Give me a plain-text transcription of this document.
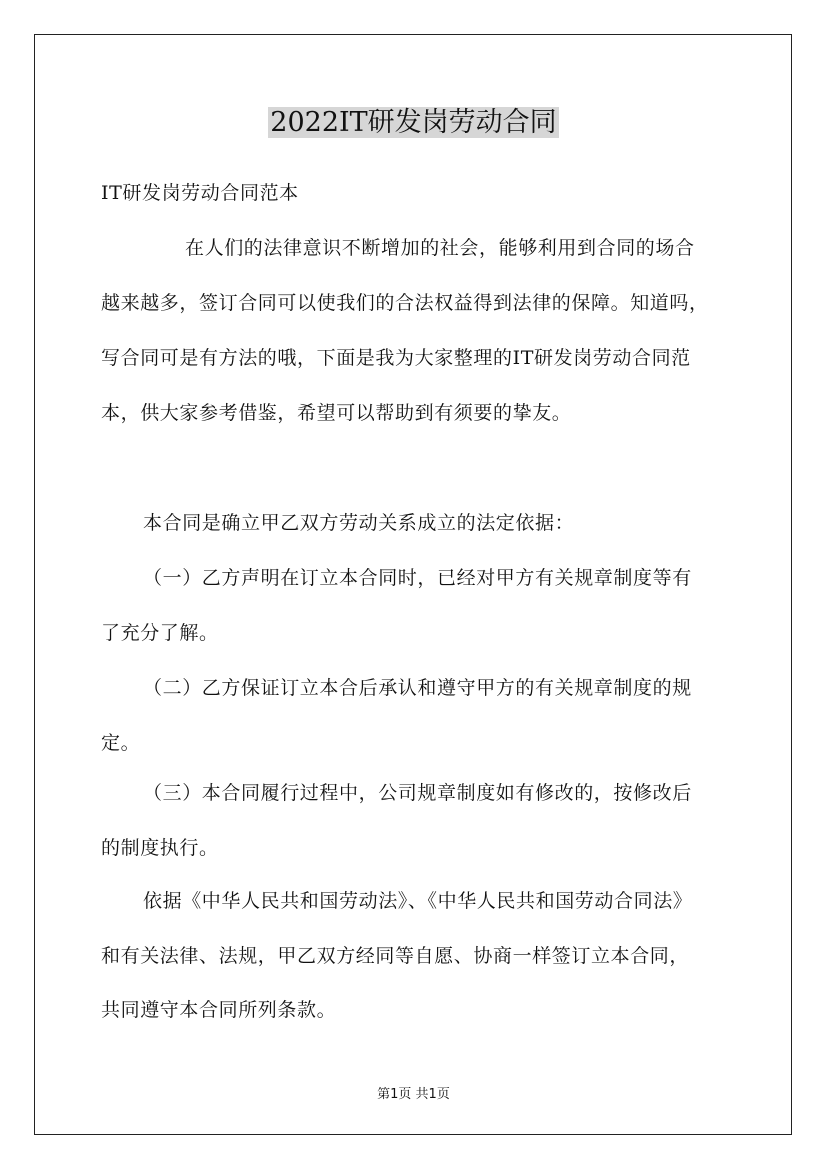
2022IT研发岗劳动合同

IT研发岗劳动合同范本

在人们的法律意识不断增加的社会，能够利用到合同的场合

越来越多，签订合同可以使我们的合法权益得到法律的保障。知道吗，

写合同可是有方法的哦，下面是我为大家整理的IT研发岗劳动合同范

本，供大家参考借鉴，希望可以帮助到有须要的挚友。

本合同是确立甲乙双方劳动关系成立的法定依据：

（一）乙方声明在订立本合同时，已经对甲方有关规章制度等有

了充分了解。

（二）乙方保证订立本合后承认和遵守甲方的有关规章制度的规

定。

（三）本合同履行过程中，公司规章制度如有修改的，按修改后

的制度执行。

依据《中华人民共和国劳动法》、《中华人民共和国劳动合同法》

和有关法律、法规，甲乙双方经同等自愿、协商一样签订立本合同，

共同遵守本合同所列条款。

第1页 共1页
